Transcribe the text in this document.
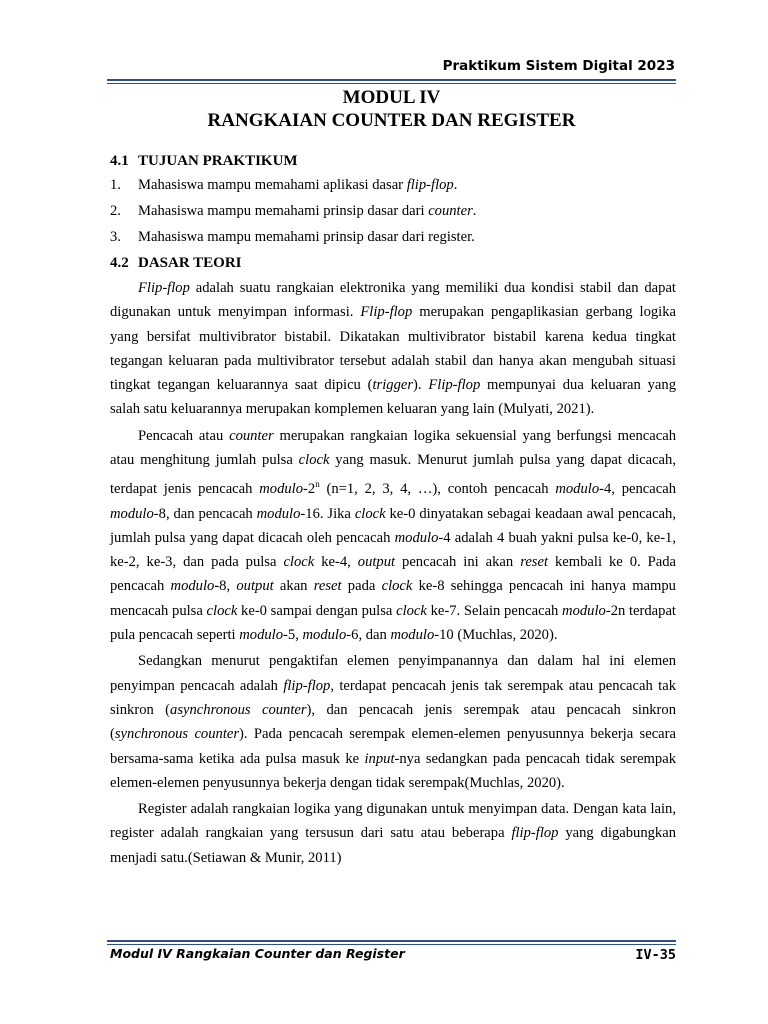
Praktikum Sistem Digital 2023
MODUL IV
RANGKAIAN COUNTER DAN REGISTER
4.1 TUJUAN PRAKTIKUM
1. Mahasiswa mampu memahami aplikasi dasar flip-flop.
2. Mahasiswa mampu memahami prinsip dasar dari counter.
3. Mahasiswa mampu memahami prinsip dasar dari register.
4.2 DASAR TEORI

Flip-flop adalah suatu rangkaian elektronika yang memiliki dua kondisi stabil dan dapat digunakan untuk menyimpan informasi. Flip-flop merupakan pengaplikasian gerbang logika yang bersifat multivibrator bistabil. Dikatakan multivibrator bistabil karena kedua tingkat tegangan keluaran pada multivibrator tersebut adalah stabil dan hanya akan mengubah situasi tingkat tegangan keluarannya saat dipicu (trigger). Flip-flop mempunyai dua keluaran yang salah satu keluarannya merupakan komplemen keluaran yang lain (Mulyati, 2021).

Pencacah atau counter merupakan rangkaian logika sekuensial yang berfungsi mencacah atau menghitung jumlah pulsa clock yang masuk. Menurut jumlah pulsa yang dapat dicacah, terdapat jenis pencacah modulo-2$^n$ (n=1, 2, 3, 4, …), contoh pencacah modulo-4, pencacah modulo-8, dan pencacah modulo-16. Jika clock ke-0 dinyatakan sebagai keadaan awal pencacah, jumlah pulsa yang dapat dicacah oleh pencacah modulo-4 adalah 4 buah yakni pulsa ke-0, ke-1, ke-2, ke-3, dan pada pulsa clock ke-4, output pencacah ini akan reset kembali ke 0. Pada pencacah modulo-8, output akan reset pada clock ke-8 sehingga pencacah ini hanya mampu mencacah pulsa clock ke-0 sampai dengan pulsa clock ke-7. Selain pencacah modulo-2n terdapat pula pencacah seperti modulo-5, modulo-6, dan modulo-10 (Muchlas, 2020).

Sedangkan menurut pengaktifan elemen penyimpanannya dan dalam hal ini elemen penyimpan pencacah adalah flip-flop, terdapat pencacah jenis tak serempak atau pencacah tak sinkron (asynchronous counter), dan pencacah jenis serempak atau pencacah sinkron (synchronous counter). Pada pencacah serempak elemen-elemen penyusunnya bekerja secara bersama-sama ketika ada pulsa masuk ke input-nya sedangkan pada pencacah tidak serempak elemen-elemen penyusunnya bekerja dengan tidak serempak(Muchlas, 2020).

Register adalah rangkaian logika yang digunakan untuk menyimpan data. Dengan kata lain, register adalah rangkaian yang tersusun dari satu atau beberapa flip-flop yang digabungkan menjadi satu.(Setiawan & Munir, 2011)

Modul IV Rangkaian Counter dan Register	IV-35
